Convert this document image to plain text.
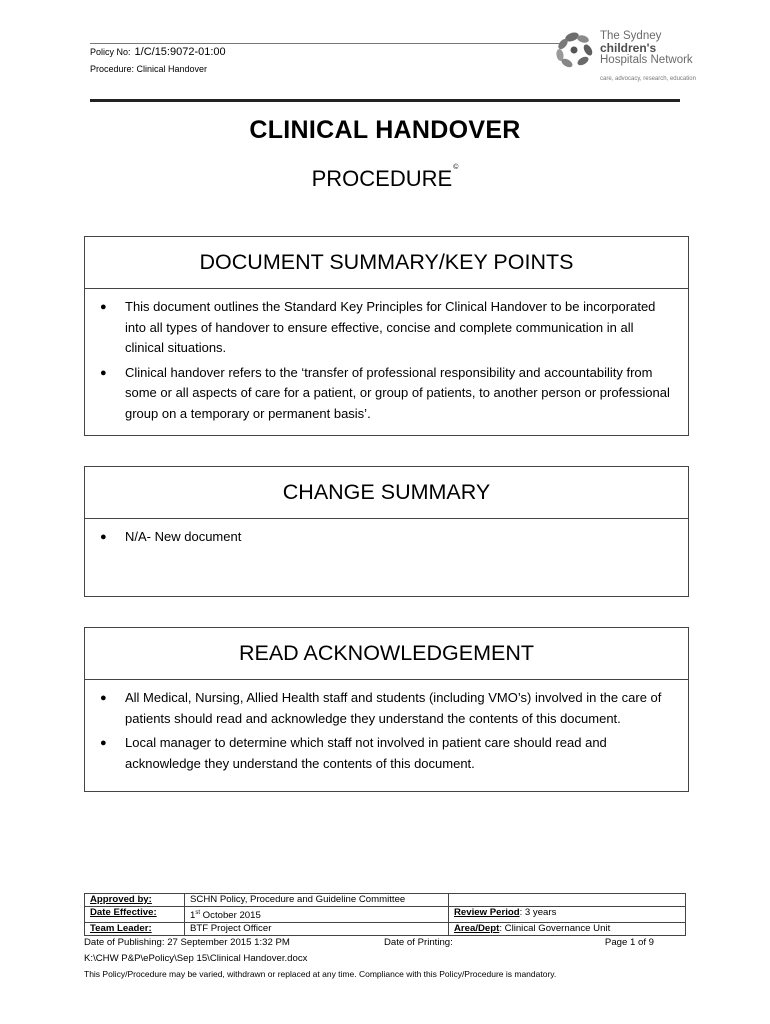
Policy No: 1/C/15:9072-01:00
Procedure: Clinical Handover
The Sydney
children's
Hospitals Network
care, advocacy, research, education
CLINICAL HANDOVER
PROCEDURE©
DOCUMENT SUMMARY/KEY POINTS
●	This document outlines the Standard Key Principles for Clinical Handover to be incorporated into all types of handover to ensure effective, concise and complete communication in all clinical situations.
●	Clinical handover refers to the ‘transfer of professional responsibility and accountability from some or all aspects of care for a patient, or group of patients, to another person or professional group on a temporary or permanent basis’.
CHANGE SUMMARY
●	N/A- New document
READ ACKNOWLEDGEMENT
●	All Medical, Nursing, Allied Health staff and students (including VMO’s) involved in the care of patients should read and acknowledge they understand the contents of this document.
●	Local manager to determine which staff not involved in patient care should read and acknowledge they understand the contents of this document.
Approved by:	SCHN Policy, Procedure and Guideline Committee	
Date Effective:	1st October 2015	Review Period: 3 years
Team Leader:	BTF Project Officer	Area/Dept: Clinical Governance Unit
Date of Publishing: 27 September 2015 1:32 PM	Date of Printing:	Page 1 of 9
K:\CHW P&P\ePolicy\Sep 15\Clinical Handover.docx
This Policy/Procedure may be varied, withdrawn or replaced at any time. Compliance with this Policy/Procedure is mandatory.
